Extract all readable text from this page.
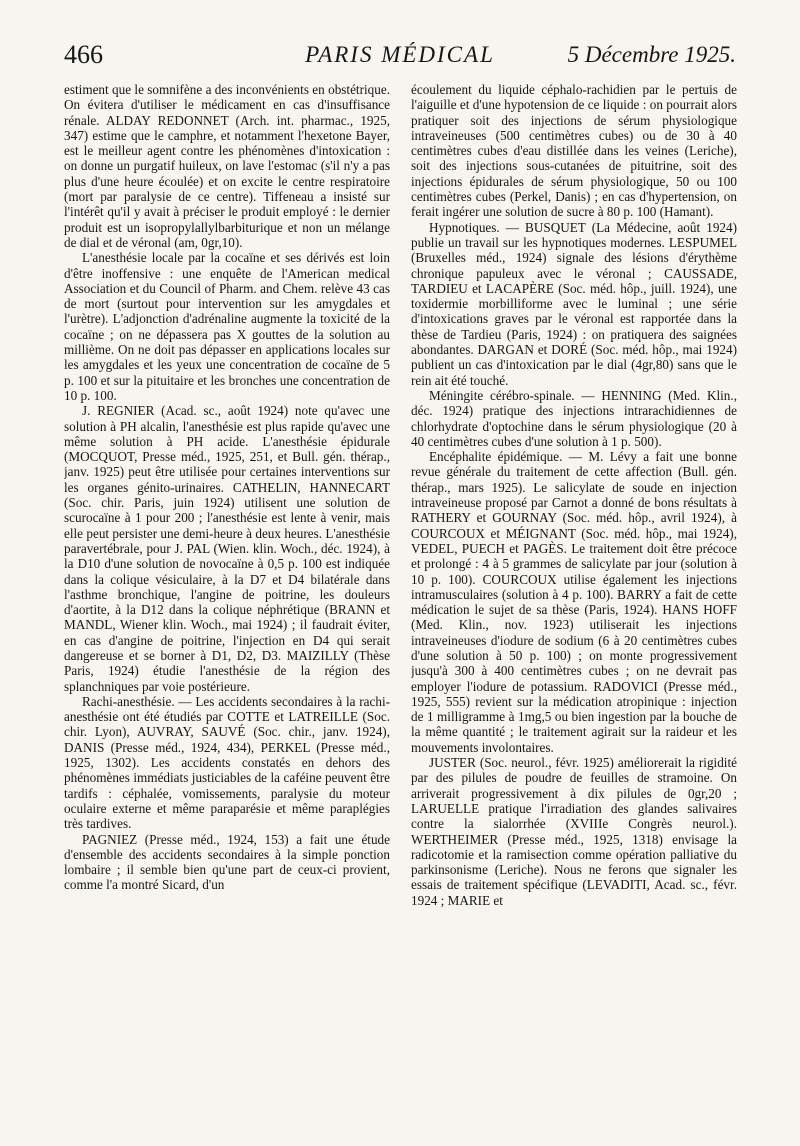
466	PARIS MÉDICAL	5 Décembre 1925.

estiment que le somnifène a des inconvénients en obstétrique. On évitera d'utiliser le médicament en cas d'insuffisance rénale. ALDAY REDONNET (Arch. int. pharmac., 1925, 347) estime que le camphre, et notamment l'hexetone Bayer, est le meilleur agent contre les phénomènes d'intoxication : on donne un purgatif huileux, on lave l'estomac (s'il n'y a pas plus d'une heure écoulée) et on excite le centre respiratoire (mort par paralysie de ce centre). Tiffeneau a insisté sur l'intérêt qu'il y avait à préciser le produit employé : le dernier produit est un isopropylallylbarbiturique et non un mélange de dial et de véronal (am, 0gr,10).

L'anesthésie locale par la cocaïne et ses dérivés est loin d'être inoffensive : une enquête de l'American medical Association et du Council of Pharm. and Chem. relève 43 cas de mort (surtout pour intervention sur les amygdales et l'urètre). L'adjonction d'adrénaline augmente la toxicité de la cocaïne ; on ne dépassera pas X gouttes de la solution au millième. On ne doit pas dépasser en applications locales sur les amygdales et les yeux une concentration de cocaïne de 5 p. 100 et sur la pituitaire et les bronches une concentration de 10 p. 100.

J. REGNIER (Acad. sc., août 1924) note qu'avec une solution à PH alcalin, l'anesthésie est plus rapide qu'avec une même solution à PH acide. L'anesthésie épidurale (MOCQUOT, Presse méd., 1925, 251, et Bull. gén. thérap., janv. 1925) peut être utilisée pour certaines interventions sur les organes génito-urinaires. CATHELIN, HANNECART (Soc. chir. Paris, juin 1924) utilisent une solution de scurocaïne à 1 pour 200 ; l'anesthésie est lente à venir, mais elle peut persister une demi-heure à deux heures. L'anesthésie paravertébrale, pour J. PAL (Wien. klin. Woch., déc. 1924), à la D10 d'une solution de novocaïne à 0,5 p. 100 est indiquée dans la colique vésiculaire, à la D7 et D4 bilatérale dans l'asthme bronchique, l'angine de poitrine, les douleurs d'aortite, à la D12 dans la colique néphrétique (BRANN et MANDL, Wiener klin. Woch., mai 1924) ; il faudrait éviter, en cas d'angine de poitrine, l'injection en D4 qui serait dangereuse et se borner à D1, D2, D3. MAIZILLY (Thèse Paris, 1924) étudie l'anesthésie de la région des splanchniques par voie postérieure.

Rachi-anesthésie. — Les accidents secondaires à la rachi-anesthésie ont été étudiés par COTTE et LATREILLE (Soc. chir. Lyon), AUVRAY, SAUVÉ (Soc. chir., janv. 1924), DANIS (Presse méd., 1924, 434), PERKEL (Presse méd., 1925, 1302). Les accidents constatés en dehors des phénomènes immédiats justiciables de la caféine peuvent être tardifs : céphalée, vomissements, paralysie du moteur oculaire externe et même paraparésie et même paraplégies très tardives.

PAGNIEZ (Presse méd., 1924, 153) a fait une étude d'ensemble des accidents secondaires à la simple ponction lombaire ; il semble bien qu'une part de ceux-ci provient, comme l'a montré Sicard, d'un

écoulement du liquide céphalo-rachidien par le pertuis de l'aiguille et d'une hypotension de ce liquide : on pourrait alors pratiquer soit des injections de sérum physiologique intraveineuses (500 centimètres cubes) ou de 30 à 40 centimètres cubes d'eau distillée dans les veines (Leriche), soit des injections sous-cutanées de pituitrine, soit des injections épidurales de sérum physiologique, 50 ou 100 centimètres cubes (Perkel, Danis) ; en cas d'hypertension, on ferait ingérer une solution de sucre à 80 p. 100 (Hamant).

Hypnotiques. — BUSQUET (La Médecine, août 1924) publie un travail sur les hypnotiques modernes. LESPUMEL (Bruxelles méd., 1924) signale des lésions d'érythème chronique papuleux avec le véronal ; CAUSSADE, TARDIEU et LACAPÈRE (Soc. méd. hôp., juill. 1924), une toxidermie morbilliforme avec le luminal ; une série d'intoxications graves par le véronal est rapportée dans la thèse de Tardieu (Paris, 1924) : on pratiquera des saignées abondantes. DARGAN et DORÉ (Soc. méd. hôp., mai 1924) publient un cas d'intoxication par le dial (4gr,80) sans que le rein ait été touché.

Méningite cérébro-spinale. — HENNING (Med. Klin., déc. 1924) pratique des injections intrarachidiennes de chlorhydrate d'optochine dans le sérum physiologique (20 à 40 centimètres cubes d'une solution à 1 p. 500).

Encéphalite épidémique. — M. Lévy a fait une bonne revue générale du traitement de cette affection (Bull. gén. thérap., mars 1925). Le salicylate de soude en injection intraveineuse proposé par Carnot a donné de bons résultats à RATHERY et GOURNAY (Soc. méd. hôp., avril 1924), à COURCOUX et MÉIGNANT (Soc. méd. hôp., mai 1924), VEDEL, PUECH et PAGÈS. Le traitement doit être précoce et prolongé : 4 à 5 grammes de salicylate par jour (solution à 10 p. 100). COURCOUX utilise également les injections intramusculaires (solution à 4 p. 100). BARRY a fait de cette médication le sujet de sa thèse (Paris, 1924). HANS HOFF (Med. Klin., nov. 1923) utiliserait les injections intraveineuses d'iodure de sodium (6 à 20 centimètres cubes d'une solution à 50 p. 100) ; on monte progressivement jusqu'à 300 à 400 centimètres cubes ; on ne devrait pas employer l'iodure de potassium. RADOVICI (Presse méd., 1925, 555) revient sur la médication atropinique : injection de 1 milligramme à 1mg,5 ou bien ingestion par la bouche de la même quantité ; le traitement agirait sur la raideur et les mouvements involontaires.

JUSTER (Soc. neurol., févr. 1925) améliorerait la rigidité par des pilules de poudre de feuilles de stramoine. On arriverait progressivement à dix pilules de 0gr,20 ; LARUELLE pratique l'irradiation des glandes salivaires contre la sialorrhée (XVIIIe Congrès neurol.). WERTHEIMER (Presse méd., 1925, 1318) envisage la radicotomie et la ramisection comme opération palliative du parkinsonisme (Leriche). Nous ne ferons que signaler les essais de traitement spécifique (LEVADITI, Acad. sc., févr. 1924 ; MARIE et
